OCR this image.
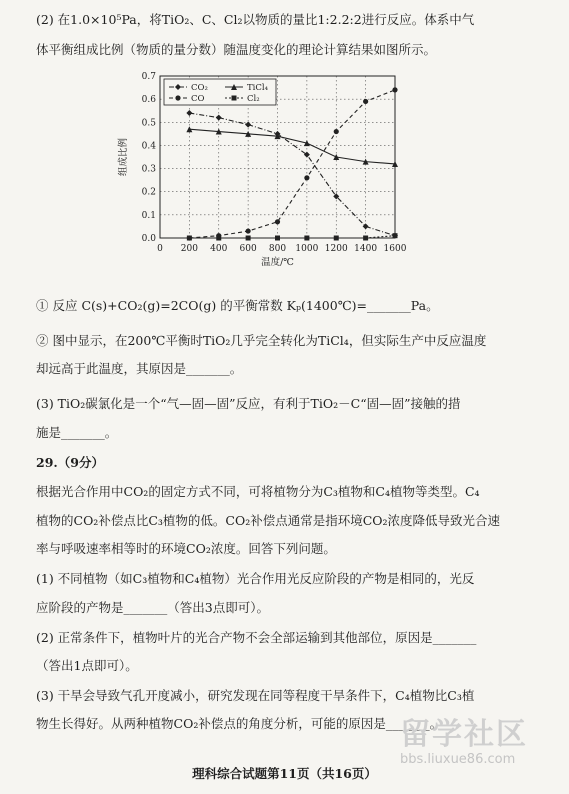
(2) 在1.0×10⁵Pa，将TiO₂、C、Cl₂以物质的量比1:2.2:2进行反应。体系中气
体平衡组成比例（物质的量分数）随温度变化的理论计算结果如图所示。
0 200 400 600 800 1000 1200 1400 1600
0.0
0.1
0.2
0.3
0.4
0.5
0.6
0.7
温度/℃
组成比例
CO₂	TiCl₄
CO	Cl₂
① 反应 C(s)+CO₂(g)=2CO(g) 的平衡常数 Kₚ(1400℃)=_______Pa。
② 图中显示，在200℃平衡时TiO₂几乎完全转化为TiCl₄，但实际生产中反应温度
却远高于此温度，其原因是_______。
(3) TiO₂碳氯化是一个“气—固—固”反应，有利于TiO₂－C“固—固”接触的措
施是_______。
29.（9分）
根据光合作用中CO₂的固定方式不同，可将植物分为C₃植物和C₄植物等类型。C₄
植物的CO₂补偿点比C₃植物的低。CO₂补偿点通常是指环境CO₂浓度降低导致光合速
率与呼吸速率相等时的环境CO₂浓度。回答下列问题。
(1) 不同植物（如C₃植物和C₄植物）光合作用光反应阶段的产物是相同的，光反
应阶段的产物是_______（答出3点即可）。
(2) 正常条件下，植物叶片的光合产物不会全部运输到其他部位，原因是_______
（答出1点即可）。
(3) 干旱会导致气孔开度减小，研究发现在同等程度干旱条件下，C₄植物比C₃植
物生长得好。从两种植物CO₂补偿点的角度分析，可能的原因是_______。
理科综合试题第11页（共16页）
留学社区
bbs.liuxue86.com
